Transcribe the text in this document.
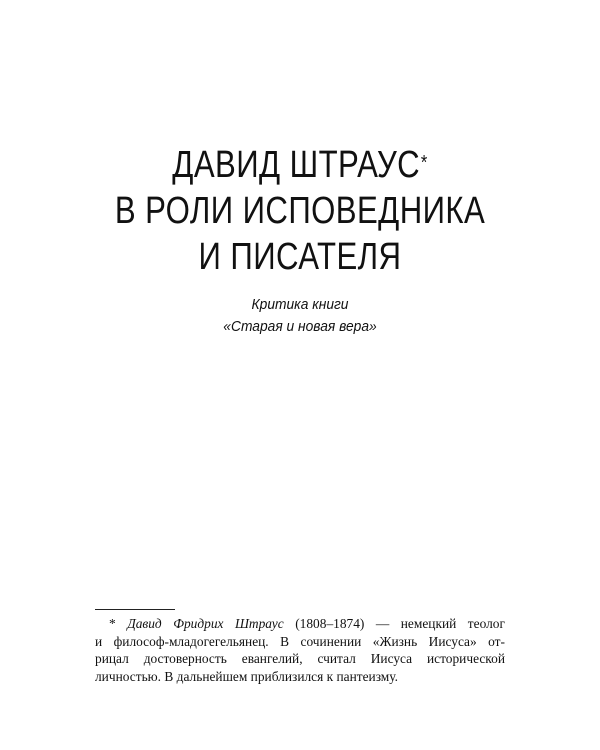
ДАВИД ШТРАУС*
В РОЛИ ИСПОВЕДНИКА
И ПИСАТЕЛЯ
Критика книги
«Старая и новая вера»
* Давид Фридрих Штраус (1808–1874) — немецкий теолог
и философ-младогегельянец. В сочинении «Жизнь Иисуса» от-
рицал достоверность евангелий, считал Иисуса исторической
личностью. В дальнейшем приблизился к пантеизму.
